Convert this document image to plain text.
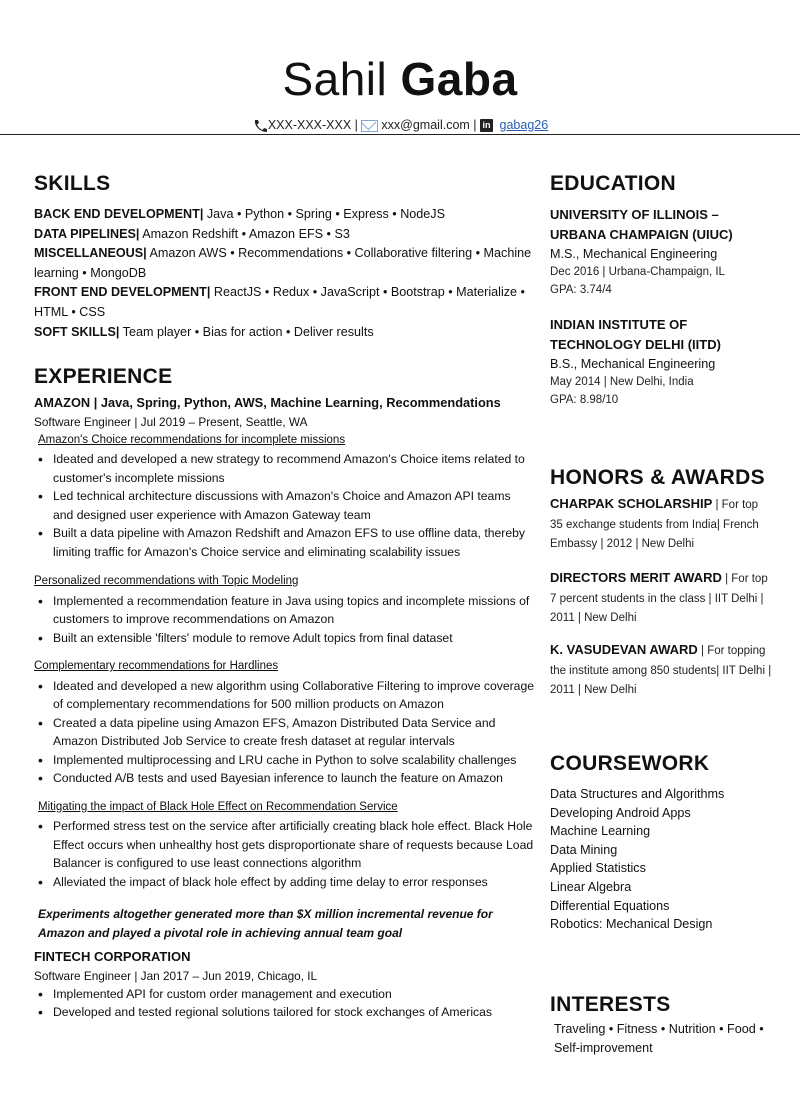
Sahil Gaba
XXX-XXX-XXX | xxx@gmail.com | in gabag26
SKILLS
BACK END DEVELOPMENT| Java • Python • Spring • Express • NodeJS
DATA PIPELINES| Amazon Redshift • Amazon EFS • S3
MISCELLANEOUS| Amazon AWS • Recommendations • Collaborative filtering • Machine learning • MongoDB
FRONT END DEVELOPMENT| ReactJS • Redux • JavaScript • Bootstrap • Materialize • HTML • CSS
SOFT SKILLS| Team player • Bias for action • Deliver results
EXPERIENCE
AMAZON | Java, Spring, Python, AWS, Machine Learning, Recommendations
Software Engineer | Jul 2019 – Present, Seattle, WA
Amazon's Choice recommendations for incomplete missions
• Ideated and developed a new strategy to recommend Amazon's Choice items related to customer's incomplete missions
• Led technical architecture discussions with Amazon's Choice and Amazon API teams and designed user experience with Amazon Gateway team
• Built a data pipeline with Amazon Redshift and Amazon EFS to use offline data, thereby limiting traffic for Amazon's Choice service and eliminating scalability issues
Personalized recommendations with Topic Modeling
• Implemented a recommendation feature in Java using topics and incomplete missions of customers to improve recommendations on Amazon
• Built an extensible 'filters' module to remove Adult topics from final dataset
Complementary recommendations for Hardlines
• Ideated and developed a new algorithm using Collaborative Filtering to improve coverage of complementary recommendations for 500 million products on Amazon
• Created a data pipeline using Amazon EFS, Amazon Distributed Data Service and Amazon Distributed Job Service to create fresh dataset at regular intervals
• Implemented multiprocessing and LRU cache in Python to solve scalability challenges
• Conducted A/B tests and used Bayesian inference to launch the feature on Amazon
Mitigating the impact of Black Hole Effect on Recommendation Service
• Performed stress test on the service after artificially creating black hole effect. Black Hole Effect occurs when unhealthy host gets disproportionate share of requests because Load Balancer is configured to use least connections algorithm
• Alleviated the impact of black hole effect by adding time delay to error responses
Experiments altogether generated more than $X million incremental revenue for Amazon and played a pivotal role in achieving annual team goal
FINTECH CORPORATION
Software Engineer | Jan 2017 – Jun 2019, Chicago, IL
• Implemented API for custom order management and execution
• Developed and tested regional solutions tailored for stock exchanges of Americas
EDUCATION
UNIVERSITY OF ILLINOIS – URBANA CHAMPAIGN (UIUC)
M.S., Mechanical Engineering
Dec 2016 | Urbana-Champaign, IL
GPA: 3.74/4
INDIAN INSTITUTE OF TECHNOLOGY DELHI (IITD)
B.S., Mechanical Engineering
May 2014 | New Delhi, India
GPA: 8.98/10
HONORS & AWARDS
CHARPAK SCHOLARSHIP | For top 35 exchange students from India| French Embassy | 2012 | New Delhi
DIRECTORS MERIT AWARD | For top 7 percent students in the class | IIT Delhi | 2011 | New Delhi
K. VASUDEVAN AWARD | For topping the institute among 850 students| IIT Delhi | 2011 | New Delhi
COURSEWORK
Data Structures and Algorithms
Developing Android Apps
Machine Learning
Data Mining
Applied Statistics
Linear Algebra
Differential Equations
Robotics: Mechanical Design
INTERESTS
Traveling • Fitness • Nutrition • Food • Self-improvement
